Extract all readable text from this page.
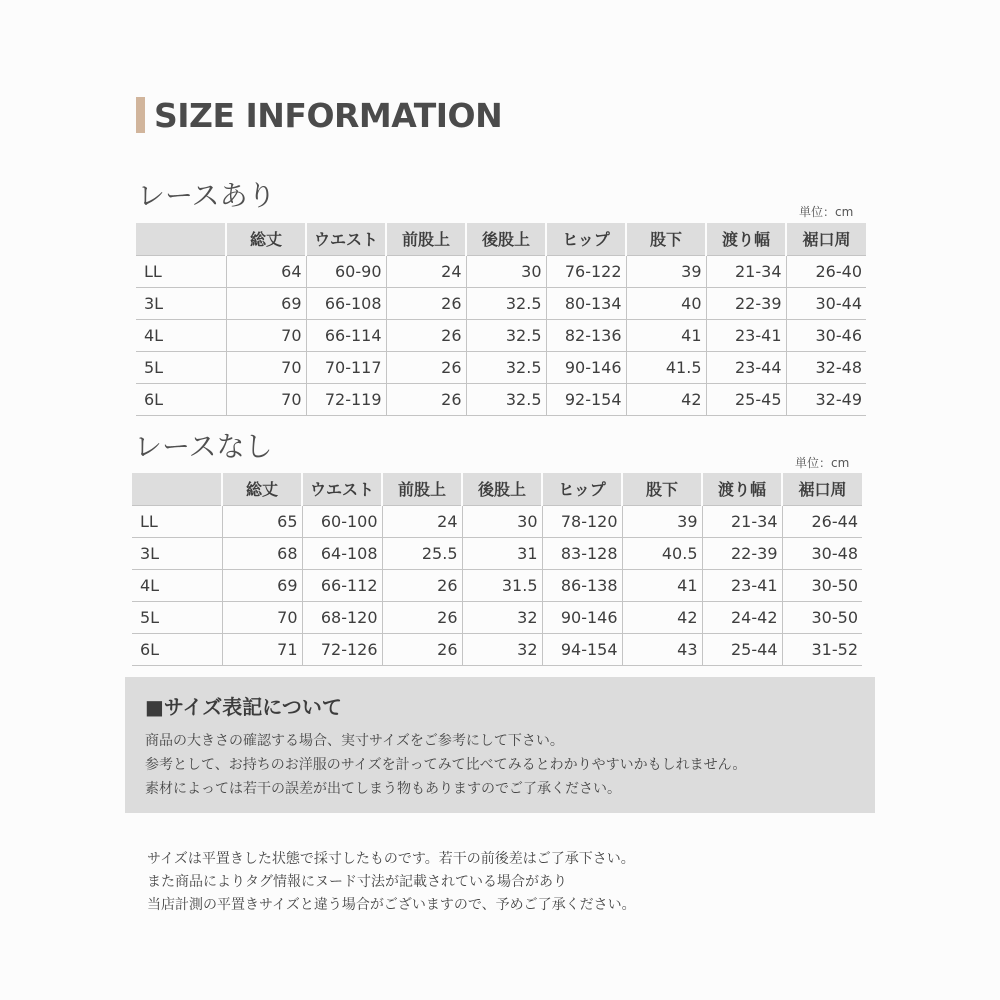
SIZE INFORMATION
レースあり	単位：cm
	総丈	ウエスト	前股上	後股上	ヒップ	股下	渡り幅	裾口周
LL	64	60-90	24	30	76-122	39	21-34	26-40
3L	69	66-108	26	32.5	80-134	40	22-39	30-44
4L	70	66-114	26	32.5	82-136	41	23-41	30-46
5L	70	70-117	26	32.5	90-146	41.5	23-44	32-48
6L	70	72-119	26	32.5	92-154	42	25-45	32-49
レースなし	単位：cm
	総丈	ウエスト	前股上	後股上	ヒップ	股下	渡り幅	裾口周
LL	65	60-100	24	30	78-120	39	21-34	26-44
3L	68	64-108	25.5	31	83-128	40.5	22-39	30-48
4L	69	66-112	26	31.5	86-138	41	23-41	30-50
5L	70	68-120	26	32	90-146	42	24-42	30-50
6L	71	72-126	26	32	94-154	43	25-44	31-52
■サイズ表記について
商品の大きさの確認する場合、実寸サイズをご参考にして下さい。
参考として、お持ちのお洋服のサイズを計ってみて比べてみるとわかりやすいかもしれません。
素材によっては若干の誤差が出てしまう物もありますのでご了承ください。
サイズは平置きした状態で採寸したものです。若干の前後差はご了承下さい。
また商品によりタグ情報にヌード寸法が記載されている場合があり
当店計測の平置きサイズと違う場合がございますので、予めご了承ください。
